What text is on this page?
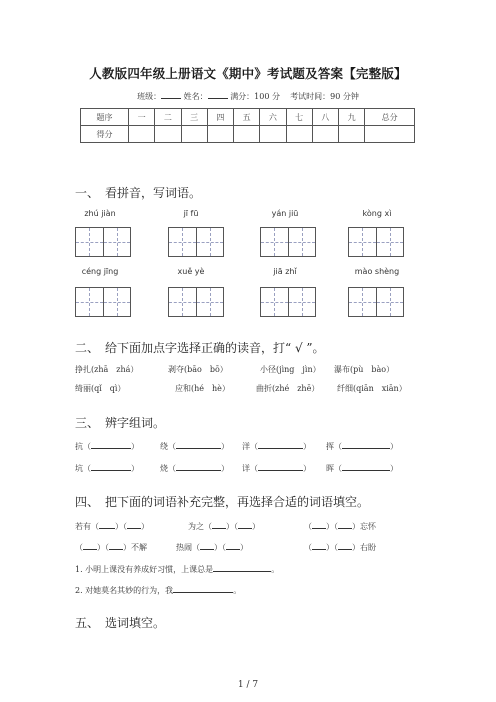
人教版四年级上册语文《期中》考试题及答案【完整版】
班级：	姓名：	满分：100 分 考试时间：90 分钟
题序	一	二	三	四	五	六	七	八	九	总分
得分										
一、　看拼音，写词语。
zhú jiàn	jī fū	yán jiū	kòng xì
céng jīng	xuě yè	jiā zhǐ	mào shèng
二、　给下面加点字选择正确的读音，打“ √ ”。
挣扎(zhā　zhá）	剥夺(bāo　bō）	小径(jìng　jìn） 瀑布(pù　bào）
绮丽(qǐ　qì）	应和(hé　hè）	曲折(zhé　zhē） 纤细(qiān　xiān）
三、　辨字组词。
抗（	）	绕（	） 洋（	） 挥（	）
坑（	）	烧（	） 详（	） 晖（	）
四、　把下面的词语补充完整，再选择合适的词语填空。
若有（ ）（ ）	为之（ ）（ ）	（ ）（ ）忘怀
（ ）（ ）不解	热闹（ ）（ ）	（ ）（ ）右盼
1. 小明上课没有养成好习惯，上课总是	。
2. 对她莫名其妙的行为，我	。
五、　选词填空。
1 / 7
